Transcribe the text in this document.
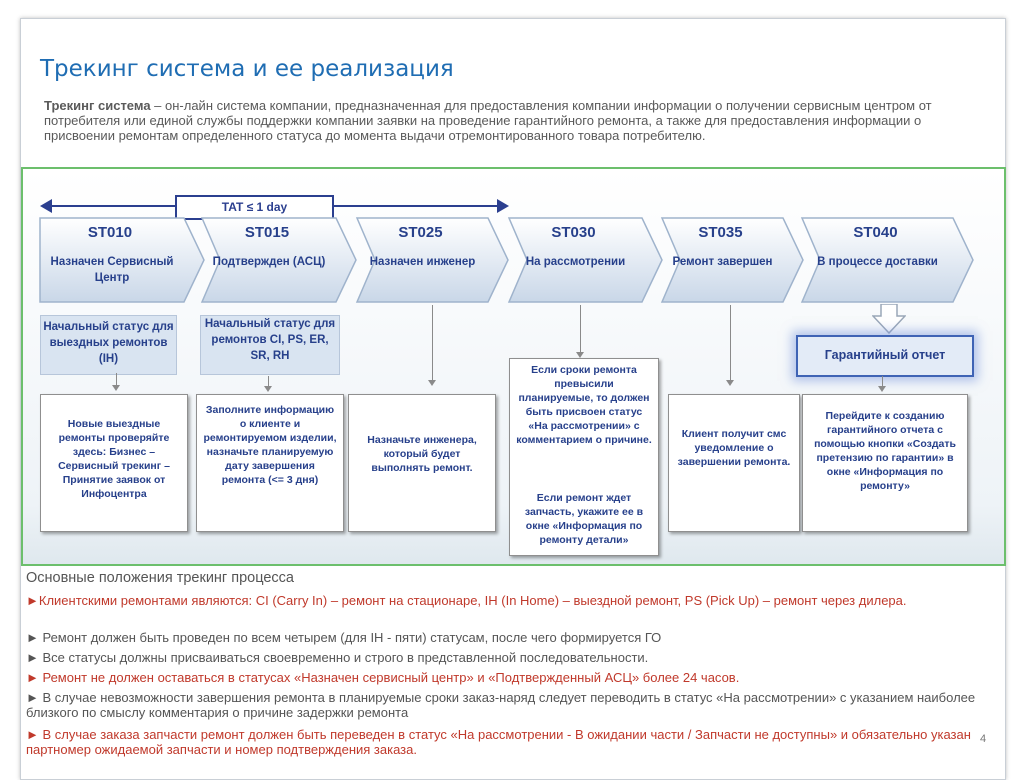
Трекинг система и ее реализация
Трекинг система – он-лайн система компании, предназначенная для предоставления компании информации о получении сервисным центром от потребителя или единой службы поддержки компании заявки на проведение гарантийного ремонта, а также для предоставления информации о присвоении ремонтам определенного статуса до момента выдачи отремонтированного товара потребителю.
TAT ≤ 1 day
ST010
Назначен Сервисный Центр
ST015
Подтвержден (АСЦ)
ST025
Назначен инженер
ST030
На рассмотрении
ST035
Ремонт завершен
ST040
В процессе доставки
Начальный статус для выездных ремонтов (IH)
Начальный статус для ремонтов CI, PS, ER, SR, RH	Гарантийный отчет
Новые выездные ремонты проверяйте здесь: Бизнес – Сервисный трекинг – Принятие заявок от Инфоцентра
Заполните информацию о клиенте и ремонтируемом изделии, назначьте планируемую дату завершения ремонта (<= 3 дня)
Назначьте инженера, который будет выполнять ремонт.
Если сроки ремонта превысили планируемые, то должен быть присвоен статус «На рассмотрении» с комментарием о причине.
Если ремонт ждет запчасть, укажите ее в окне «Информация по ремонту детали»
Клиент получит смс уведомление о завершении ремонта.
Перейдите к созданию гарантийного отчета с помощью кнопки «Создать претензию по гарантии» в окне «Информация по ремонту»
Основные положения трекинг процесса
►Клиентскими ремонтами являются: CI (Carry In) – ремонт на стационаре, IH (In Home) – выездной ремонт, PS (Pick Up) – ремонт через дилера.
► Ремонт должен быть проведен по всем четырем (для IH - пяти) статусам, после чего формируется ГО
► Все статусы должны присваиваться своевременно и строго в представленной последовательности.
► Ремонт не должен оставаться в статусах «Назначен сервисный центр» и «Подтвержденный АСЦ» более 24 часов.
► В случае невозможности завершения ремонта в планируемые сроки заказ-наряд следует переводить в статус «На рассмотрении» с указанием наиболее близкого по смыслу комментария о причине задержки ремонта
► В случае заказа запчасти ремонт должен быть переведен в статус «На рассмотрении - В ожидании части / Запчасти не доступны» и обязательно указан партномер ожидаемой запчасти и номер подтверждения заказа.
4
